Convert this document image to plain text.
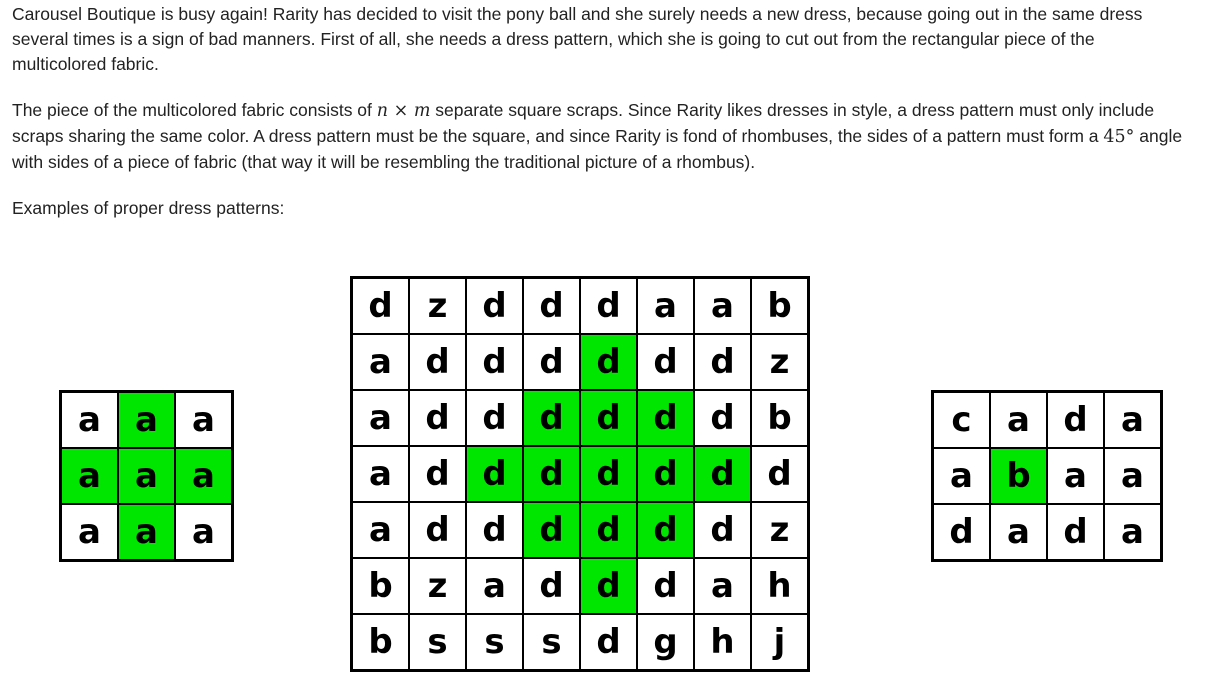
Carousel Boutique is busy again! Rarity has decided to visit the pony ball and she surely needs a new dress, because going out in the same dress several times is a sign of bad manners. First of all, she needs a dress pattern, which she is going to cut out from the rectangular piece of the multicolored fabric.

The piece of the multicolored fabric consists of n × m separate square scraps. Since Rarity likes dresses in style, a dress pattern must only include scraps sharing the same color. A dress pattern must be the square, and since Rarity is fond of rhombuses, the sides of a pattern must form a 45° angle with sides of a piece of fabric (that way it will be resembling the traditional picture of a rhombus).

Examples of proper dress patterns:

a	a	a
a	a	a
a	a	a
d	z	d	d	d	a	a	b
a	d	d	d	d	d	d	z
a	d	d	d	d	d	d	b
a	d	d	d	d	d	d	d
a	d	d	d	d	d	d	z
b	z	a	d	d	d	a	h
b	s	s	s	d	g	h	j
c	a	d	a
a	b	a	a
d	a	d	a
